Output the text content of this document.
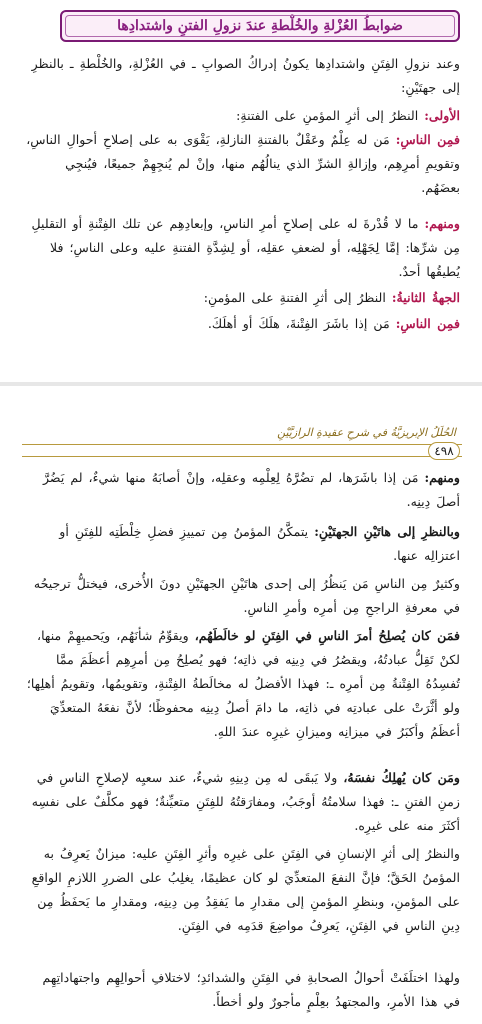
ضوابطُ العُزْلةِ والخُلْطةِ عندَ نزولِ الفتنِ واشتدادِها
وعند نزولِ الفِتَنِ واشتدادِها يكونُ إدراكُ الصوابِ ـ في العُزْلةِ، والخُلْطةِ ـ بالنظرِ إلى جهتَيْنِ:
الأولى: النظرُ إلى أثرِ المؤمنِ على الفتنةِ:
فمِن الناسِ: مَن له عِلْمٌ وعَقْلٌ بالفتنةِ النازلةِ، يَقْوَى به على إصلاحِ أحوالِ الناسِ، وتقويمِ أمرِهِم، وإزالةِ الشرِّ الذي ينالُهُم منها، وإنْ لم يُنجِهِمْ جميعًا، فيُنجِي بعضَهُم.
ومنهم: ما لا قُدْرةَ له على إصلاحِ أمرِ الناسِ، وإبعادِهِم عن تلك الفِتْنةِ أو التقليلِ مِن شرِّها: إمَّا لِجَهْلِه، أو لضعفِ عقلِه، أو لِشِدَّةِ الفتنةِ عليه وعلى الناسِ؛ فلا يُطيقُها أحدٌ.
الجهةُ الثانيةُ: النظرُ إلى أثرِ الفتنةِ على المؤمنِ:
فمِن الناسِ: مَن إذا باشَرَ الفِتْنةَ، هلَكَ أو أهلَكَ.
الحُلَلُ الإبريزيَّةُ في شرحِ عقيدةِ الرازيَّيْنِ
٤٩٨
ومنهم: مَن إذا باشَرَها، لم تضُرَّهُ لِعِلْمِه وعقلِه، وإنْ أصابَهُ منها شيءٌ، لم يَضُرَّ أصلَ دِينِه.
وبالنظرِ إلى هاتَيْنِ الجهتَيْنِ: يتمكَّنُ المؤمنُ مِن تمييزِ فضلِ خِلْطَتِه للفِتَنِ أو اعتزالِه عنها.
وكثيرٌ مِن الناسِ مَن يَنظُرُ إلى إحدى هاتَيْنِ الجهتَيْنِ دونَ الأُخرى، فيختلُّ ترجيحُه في معرفةِ الراجحِ مِن أمرِه وأمرِ الناسِ.
فمَن كان يُصلِحُ أمرَ الناسِ في الفِتَنِ لو خالَطَهُم، ويقوِّمُ شأنَهُم، ويَحميهِمْ منها، لكنْ تَقِلُّ عبادتُهُ، ويقصُرُ في دِينِه في ذاتِه؛ فهو يُصلِحُ مِن أمرِهِم أعظَمَ ممَّا تُفسِدُهُ الفِتْنةُ مِن أمرِه ـ: فهذا الأفضلُ له مخالَطةُ الفِتْنةِ، وتقويمُها، وتقويمُ أهلِها؛ ولو أثَّرَتْ على عبادتِه في ذاتِه، ما دامَ أصلُ دِينِه محفوظًا؛ لأنَّ نفعَهُ المتعدِّيَ أعظَمُ وأكبَرُ في ميزانِه وميزانِ غيرِه عندَ اللهِ.
ومَن كان يُهلِكُ نفسَهُ، ولا يَبقَى له مِن دِينِهِ شيءٌ، عند سعيِه لإصلاحِ الناسِ في زمنِ الفتنِ ـ: فهذا سلامتُهُ أوجَبُ، ومفارَقتُهُ للفِتَنِ متعيِّنةٌ؛ فهو مكلَّفٌ على نفسِه أكثَرَ منه على غيرِه.
والنظرُ إلى أثرِ الإنسانِ في الفِتَنِ على غيرِه وأثرِ الفِتَنِ عليه: ميزانٌ يَعرِفُ به المؤمنُ الحَقَّ؛ فإنَّ النفعَ المتعدِّيَ لو كان عظيمًا، يغلِبُ على الضررِ اللازمِ الواقعِ على المؤمنِ، وبنظرِ المؤمنِ إلى مقدارِ ما يَفقِدُ مِن دِينِه، ومقدارِ ما يَحفَظُ مِن دِينِ الناسِ في الفِتَنِ، يَعرِفُ مواضِعَ قدَمِه في الفِتَنِ.
ولهذا اختلَفَتْ أحوالُ الصحابةِ في الفِتَنِ والشدائدِ؛ لاختلافِ أحوالِهِم واجتهاداتِهِم في هذا الأمرِ، والمجتهدُ بعِلْمٍ مأجورٌ ولو أخطأَ.
